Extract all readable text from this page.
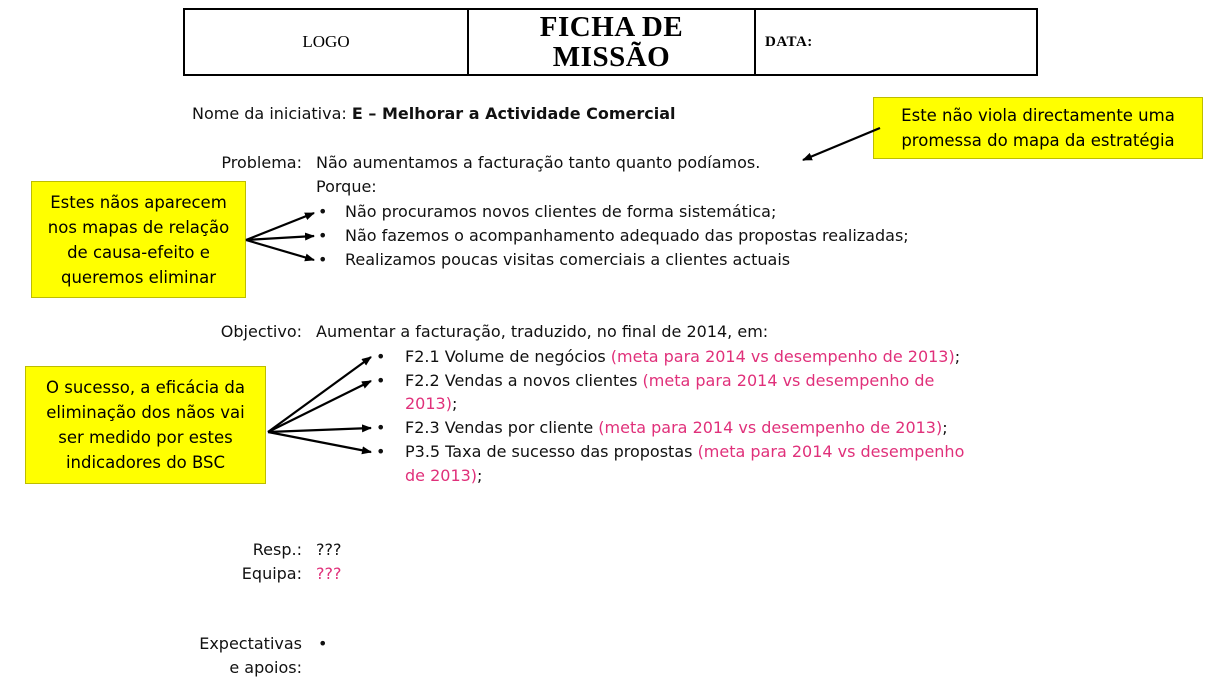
LOGO	FICHA DE
MISSÃO	DATA:
Nome da iniciativa: E – Melhorar a Actividade Comercial
Problema: Não aumentamos a facturação tanto quanto podíamos.
Porque:
• Não procuramos novos clientes de forma sistemática;
• Não fazemos o acompanhamento adequado das propostas realizadas;
• Realizamos poucas visitas comerciais a clientes actuais
Objectivo: Aumentar a facturação, traduzido, no final de 2014, em:
• F2.1 Volume de negócios (meta para 2014 vs desempenho de 2013);
• F2.2 Vendas a novos clientes (meta para 2014 vs desempenho de
2013);
• F2.3 Vendas por cliente (meta para 2014 vs desempenho de 2013);
• P3.5 Taxa de sucesso das propostas (meta para 2014 vs desempenho
de 2013);
Resp.: ???
Equipa: ???
Expectativas
e apoios:
•
Este não viola directamente uma
promessa do mapa da estratégia
Estes nãos aparecem
nos mapas de relação
de causa-efeito e
queremos eliminar
O sucesso, a eficácia da
eliminação dos nãos vai
ser medido por estes
indicadores do BSC
